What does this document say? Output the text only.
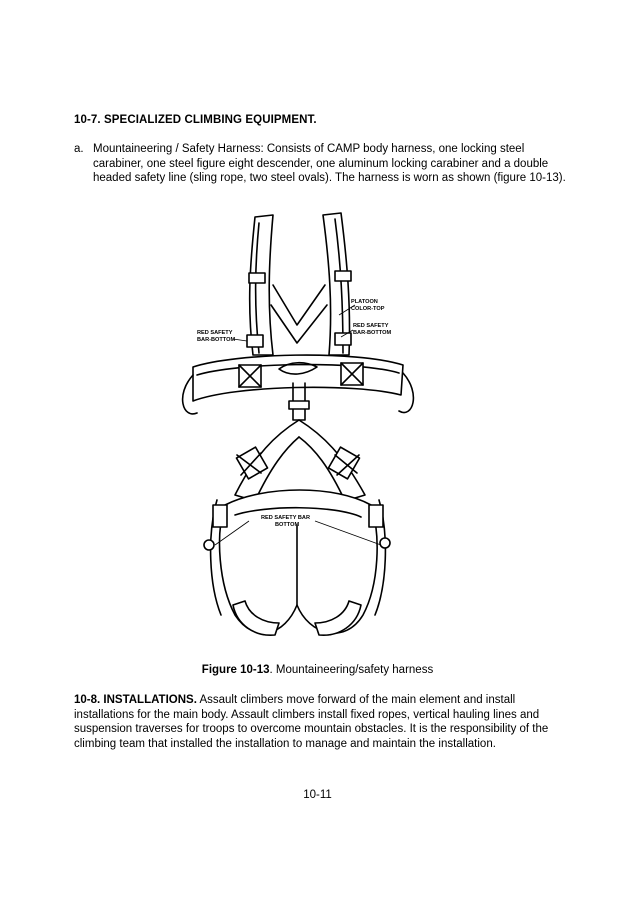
10-7. SPECIALIZED CLIMBING EQUIPMENT.
a. Mountaineering / Safety Harness: Consists of CAMP body harness, one locking steel carabiner, one steel figure eight descender, one aluminum locking carabiner and a double headed safety line (sling rope, two steel ovals). The harness is worn as shown (figure 10-13).
PLATOON
COLOR-TOP
RED SAFETY
BAR-BOTTOM
RED SAFETY
BAR-BOTTOM
RED SAFETY BAR
BOTTOM
Figure 10-13. Mountaineering/safety harness
10-8. INSTALLATIONS. Assault climbers move forward of the main element and install installations for the main body. Assault climbers install fixed ropes, vertical hauling lines and suspension traverses for troops to overcome mountain obstacles. It is the responsibility of the climbing team that installed the installation to manage and maintain the installation.
10-11
